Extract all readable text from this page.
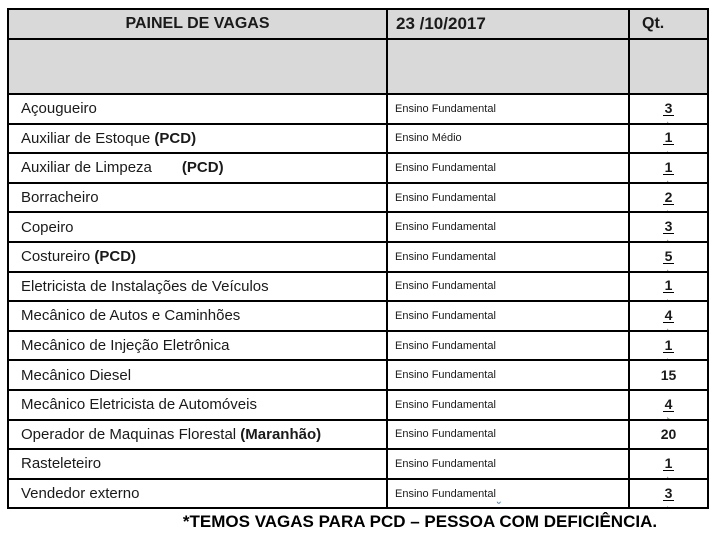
PAINEL DE VAGAS	23 /10/2017	Qt.

Açougueiro	Ensino Fundamental	3

Auxiliar de Estoque (PCD)	Ensino Médio	1

Auxiliar de Limpeza (PCD)	Ensino Fundamental	1

Borracheiro	Ensino Fundamental	2

Copeiro	Ensino Fundamental	3

Costureiro (PCD)	Ensino Fundamental	5

Eletricista de Instalações de Veículos	Ensino Fundamental	1

Mecânico de Autos e Caminhões	Ensino Fundamental	4

Mecânico de Injeção Eletrônica	Ensino Fundamental	1

Mecânico Diesel	Ensino Fundamental	15

Mecânico Eletricista de Automóveis	Ensino Fundamental	4

Operador de Maquinas Florestal (Maranhão)	Ensino Fundamental	20

Rasteleteiro	Ensino Fundamental	1

Vendedor externo	Ensino Fundamental	3

*TEMOS VAGAS PARA PCD – PESSOA COM DEFICIÊNCIA.
